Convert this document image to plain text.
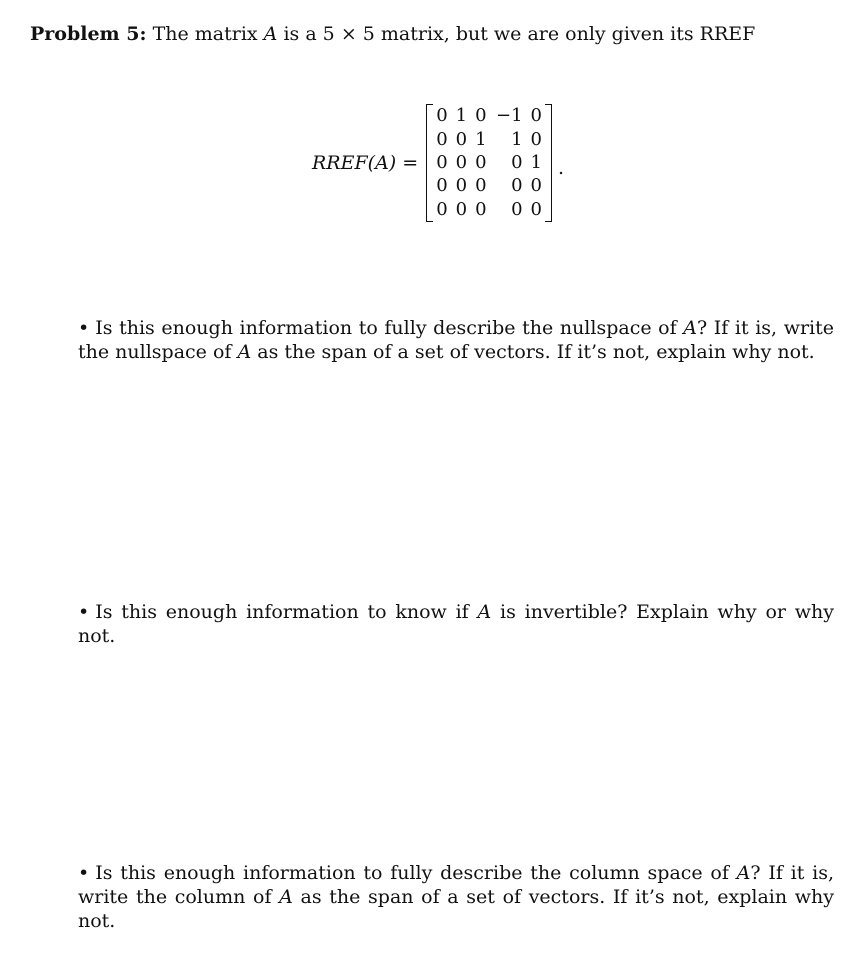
Problem 5: The matrix A is a 5 × 5 matrix, but we are only given its RREF
RREF(A) =
0	1	0	−1	0
0	0	1	1	0
0	0	0	0	1
0	0	0	0	0
0	0	0	0	0
.
• Is this enough information to fully describe the nullspace of A? If it is, write the nullspace of A as the span of a set of vectors. If it’s not, explain why not.
• Is this enough information to know if A is invertible? Explain why or why not.
• Is this enough information to fully describe the column space of A? If it is, write the column of A as the span of a set of vectors. If it’s not, explain why not.
